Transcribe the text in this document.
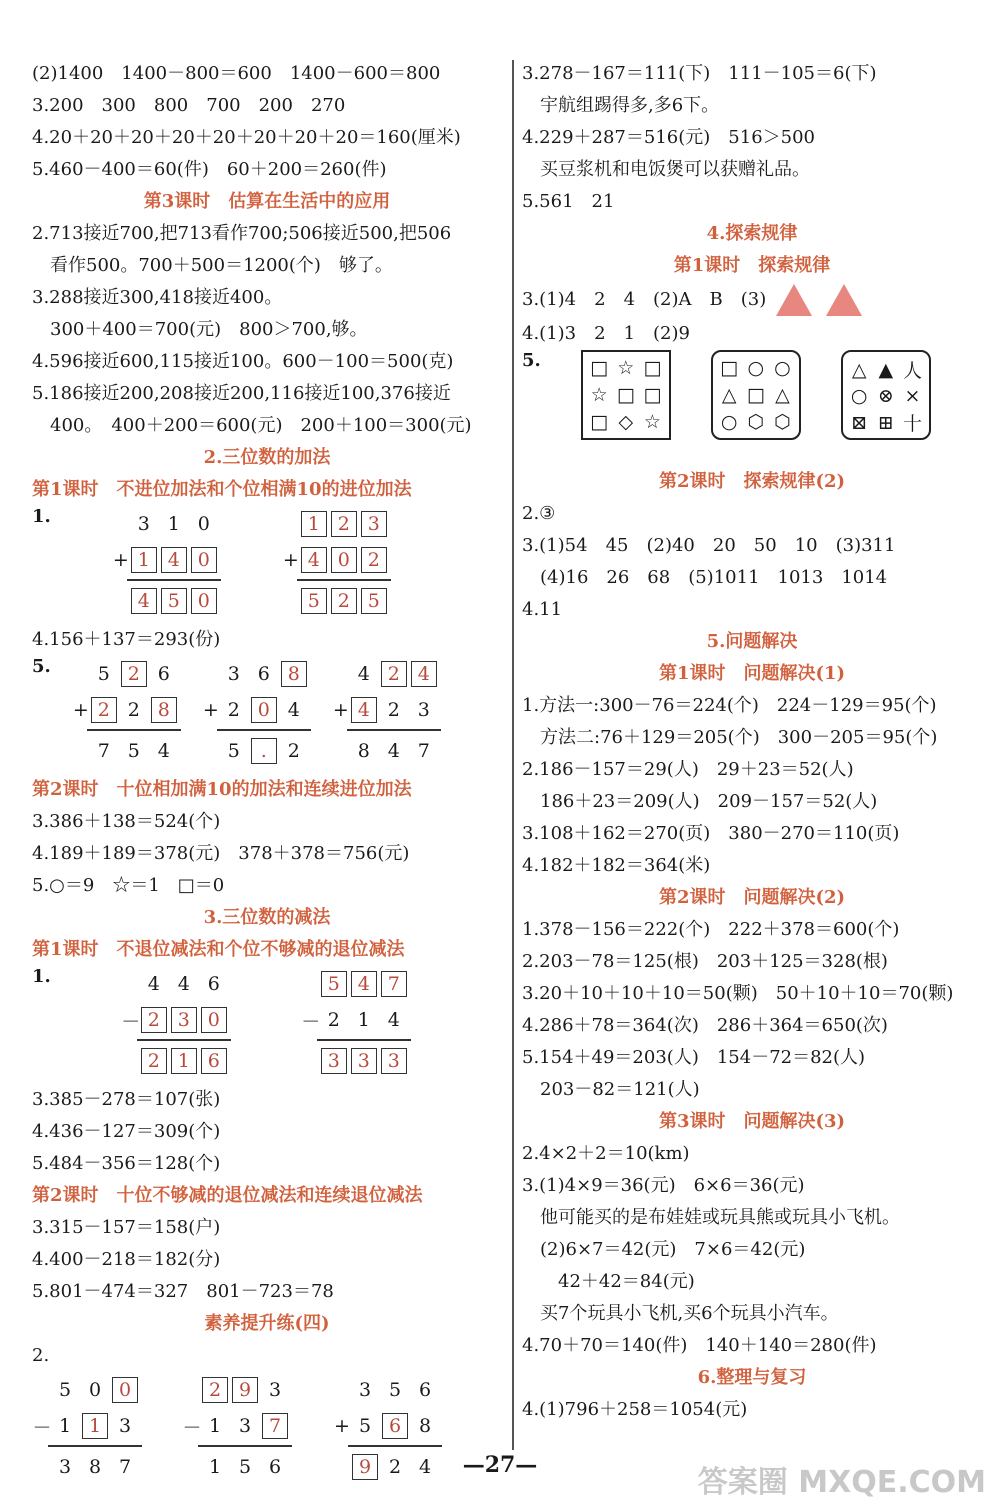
(2)1400　1400－800＝600　1400－600＝800
3.200　300　800　700　200　270
4.20＋20＋20＋20＋20＋20＋20＋20＝160(厘米)
5.460－400＝60(件)　60＋200＝260(件)
第3课时　估算在生活中的应用
2.713接近700,把713看作700;506接近500,把506
看作500。700＋500＝1200(个)　够了。
3.288接近300,418接近400。
300＋400＝700(元)　800＞700,够。
4.596接近600,115接近100。600－100＝500(克)
5.186接近200,208接近200,116接近100,376接近
400。　400＋200＝600(元)　200＋100＝300(元)
2.三位数的加法
第1课时　不进位加法和个位相满10的进位加法
1.	3 1 0
+ 1 4 0
4 5 0
1 2 3
+ 4 0 2
5 2 5
4.156＋137＝293(份)
5.	5 2 6
+ 2 2 8
7 5 4
3 6 8
+ 2 0 4
5	.	2
4 2 4
+ 4 2 3
8 4 7
第2课时　十位相加满10的加法和连续进位加法
3.386＋138＝524(个)
4.189＋189＝378(元)　378＋378＝756(元)
5.○＝9　☆＝1　□＝0
3.三位数的减法
第1课时　不退位减法和个位不够减的退位减法
1.	4 4 6
－ 2 3 0
2 1 6
5 4 7
－ 2 1 4
3 3 3
3.385－278＝107(张)
4.436－127＝309(个)
5.484－356＝128(个)
第2课时　十位不够减的退位减法和连续退位减法
3.315－157＝158(户)
4.400－218＝182(分)
5.801－474＝327　801－723＝78
素养提升练(四)
2.
5 0 0
－ 1 1 3
3 8 7
2 9 3
－ 1 3 7
1 5 6
3 5 6
+ 5 6 8
9 2 4
3.278－167＝111(下)　111－105＝6(下)
宇航组踢得多,多6下。
4.229＋287＝516(元)　516＞500
买豆浆机和电饭煲可以获赠礼品。
5.561　21
4.探索规律
第1课时　探索规律
3.(1)4　2　4　(2)A　B　(3)
4.(1)3　2　1　(2)9
5.	□ ☆ □
☆ □ □
□ ◇ ☆
□ ○ ○
△ □ △
○ ⬡ ⬡
△ ▲ 人
○ ⊗ ×
⊠ ⊞ 十
第2课时　探索规律(2)
2.③
3.(1)54　45　(2)40　20　50　10　(3)311
(4)16　26　68　(5)1011　1013　1014
4.11
5.问题解决
第1课时　问题解决(1)
1.方法一:300－76＝224(个)　224－129＝95(个)
方法二:76＋129＝205(个)　300－205＝95(个)
2.186－157＝29(人)　29＋23＝52(人)
186＋23＝209(人)　209－157＝52(人)
3.108＋162＝270(页)　380－270＝110(页)
4.182＋182＝364(米)
第2课时　问题解决(2)
1.378－156＝222(个)　222＋378＝600(个)
2.203－78＝125(根)　203＋125＝328(根)
3.20＋10＋10＋10＝50(颗)　50＋10＋10＝70(颗)
4.286＋78＝364(次)　286＋364＝650(次)
5.154＋49＝203(人)　154－72＝82(人)
203－82＝121(人)
第3课时　问题解决(3)
2.4×2＋2＝10(km)
3.(1)4×9＝36(元)　6×6＝36(元)
他可能买的是布娃娃或玩具熊或玩具小飞机。
(2)6×7＝42(元)　7×6＝42(元)
42＋42＝84(元)
买7个玩具小飞机,买6个玩具小汽车。
4.70＋70＝140(件)　140＋140＝280(件)
6.整理与复习
4.(1)796＋258＝1054(元)
—27—	答案圈 MXQE.COM
